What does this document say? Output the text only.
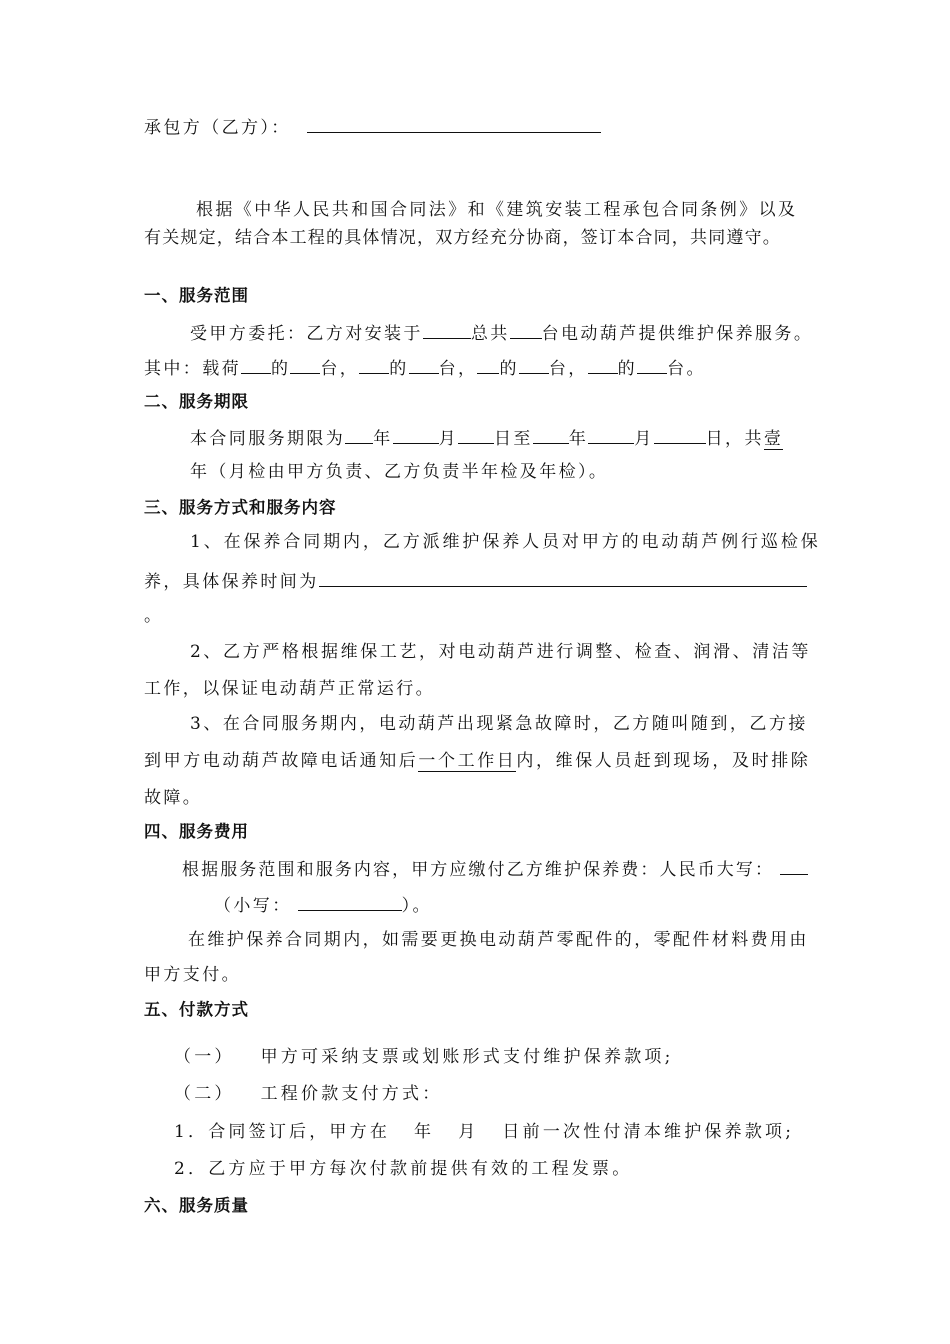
承包方（乙方）：
根据《中华人民共和国合同法》和《建筑安装工程承包合同条例》以及
有关规定，结合本工程的具体情况，双方经充分协商，签订本合同，共同遵守。
一、服务范围
受甲方委托：乙方对安装于	总共 台电动葫芦提供维护保养服务。
其中：载荷 的 台， 的 台， 的 台， 的 台。
二、服务期限
本合同服务期限为 年	月 日至 年	月	日，共壹
年（月检由甲方负责、乙方负责半年检及年检）。
三、服务方式和服务内容
1、在保养合同期内，乙方派维护保养人员对甲方的电动葫芦例行巡检保
养，具体保养时间为
。
2、乙方严格根据维保工艺，对电动葫芦进行调整、检查、润滑、清洁等
工作，以保证电动葫芦正常运行。
3、在合同服务期内，电动葫芦出现紧急故障时，乙方随叫随到，乙方接
到甲方电动葫芦故障电话通知后一个工作日内，维保人员赶到现场，及时排除
故障。
四、服务费用
根据服务范围和服务内容，甲方应缴付乙方维护保养费：人民币大写：
（小写：	）。
在维护保养合同期内，如需要更换电动葫芦零配件的，零配件材料费用由
甲方支付。
五、付款方式
（一） 甲方可采纳支票或划账形式支付维护保养款项;
（二） 工程价款支付方式：
1．合同签订后，甲方在 年 月 日前一次性付清本维护保养款项;
2．乙方应于甲方每次付款前提供有效的工程发票。
六、服务质量
